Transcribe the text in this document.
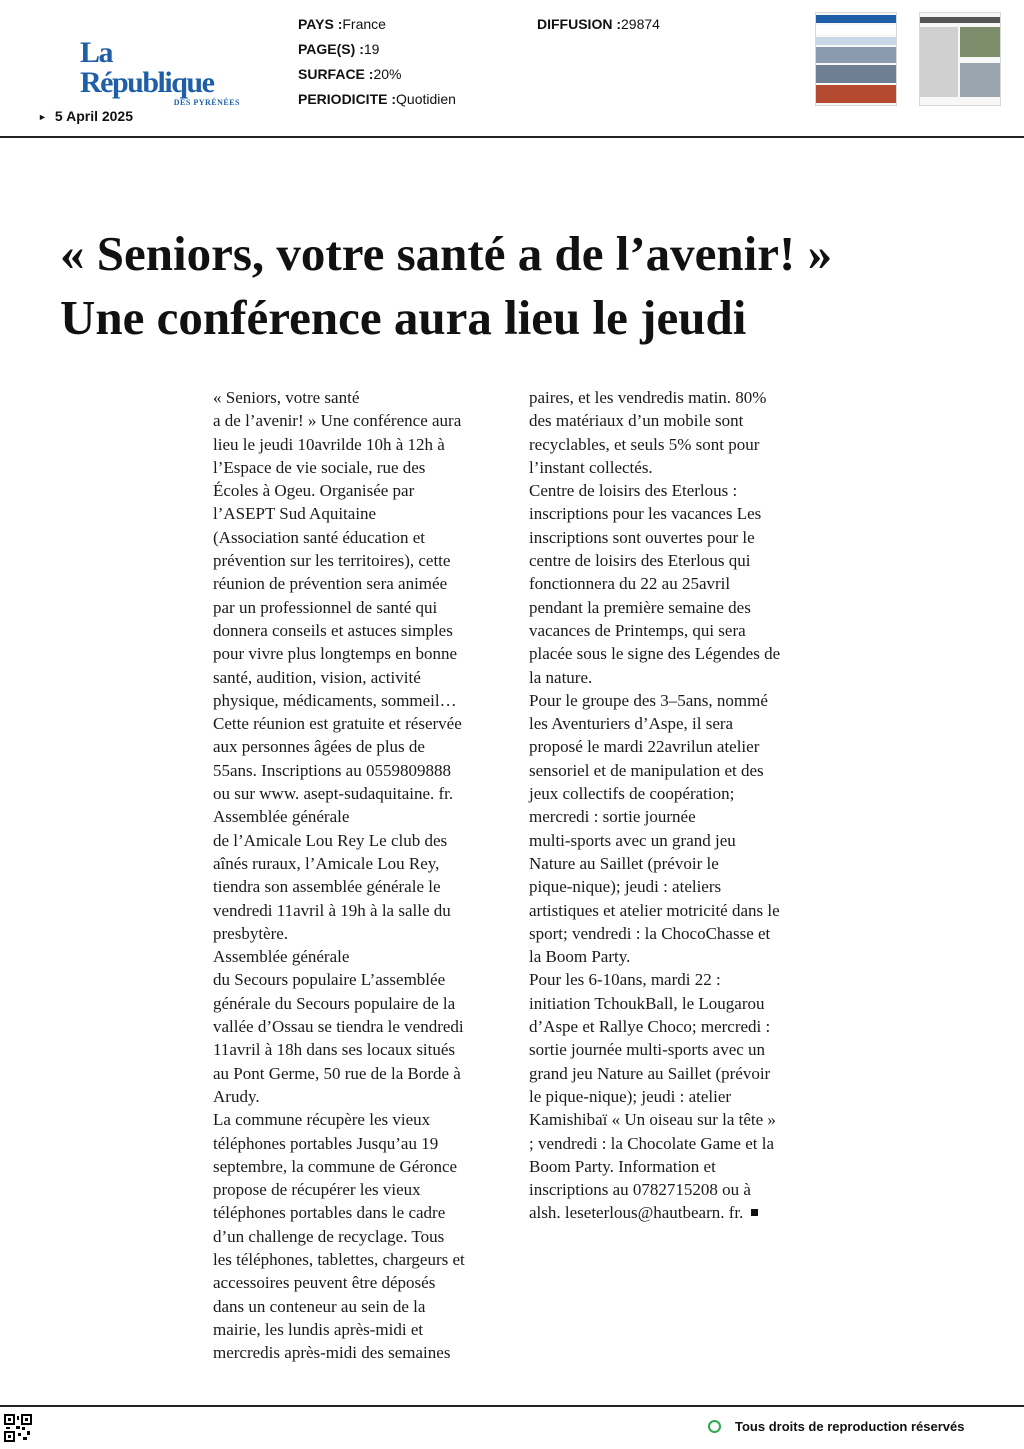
La République
DES PYRÉNÉES
PAYS :France
PAGE(S) :19
SURFACE :20%
PERIODICITE :Quotidien
DIFFUSION :29874
► 5 April 2025
« Seniors, votre santé a de l’avenir! »
Une conférence aura lieu le jeudi
« Seniors, votre santé
a de l’avenir! » Une conférence aura
lieu le jeudi 10avrilde 10h à 12h à
l’Espace de vie sociale, rue des
Écoles à Ogeu. Organisée par
l’ASEPT Sud Aquitaine
(Association santé éducation et
prévention sur les territoires), cette
réunion de prévention sera animée
par un professionnel de santé qui
donnera conseils et astuces simples
pour vivre plus longtemps en bonne
santé, audition, vision, activité
physique, médicaments, sommeil…
Cette réunion est gratuite et réservée
aux personnes âgées de plus de
55ans. Inscriptions au 0559809888
ou sur www. asept-sudaquitaine. fr.
Assemblée générale
de l’Amicale Lou Rey Le club des
aînés ruraux, l’Amicale Lou Rey,
tiendra son assemblée générale le
vendredi 11avril à 19h à la salle du
presbytère.
Assemblée générale
du Secours populaire L’assemblée
générale du Secours populaire de la
vallée d’Ossau se tiendra le vendredi
11avril à 18h dans ses locaux situés
au Pont Germe, 50 rue de la Borde à
Arudy.
La commune récupère les vieux
téléphones portables Jusqu’au 19
septembre, la commune de Géronce
propose de récupérer les vieux
téléphones portables dans le cadre
d’un challenge de recyclage. Tous
les téléphones, tablettes, chargeurs et
accessoires peuvent être déposés
dans un conteneur au sein de la
mairie, les lundis après-midi et
mercredis après-midi des semaines
paires, et les vendredis matin. 80%
des matériaux d’un mobile sont
recyclables, et seuls 5% sont pour
l’instant collectés.
Centre de loisirs des Eterlous :
inscriptions pour les vacances Les
inscriptions sont ouvertes pour le
centre de loisirs des Eterlous qui
fonctionnera du 22 au 25avril
pendant la première semaine des
vacances de Printemps, qui sera
placée sous le signe des Légendes de
la nature.
Pour le groupe des 3–5ans, nommé
les Aventuriers d’Aspe, il sera
proposé le mardi 22avrilun atelier
sensoriel et de manipulation et des
jeux collectifs de coopération;
mercredi : sortie journée
multi-sports avec un grand jeu
Nature au Saillet (prévoir le
pique-nique); jeudi : ateliers
artistiques et atelier motricité dans le
sport; vendredi : la ChocoChasse et
la Boom Party.
Pour les 6-10ans, mardi 22 :
initiation TchoukBall, le Lougarou
d’Aspe et Rallye Choco; mercredi :
sortie journée multi-sports avec un
grand jeu Nature au Saillet (prévoir
le pique-nique); jeudi : atelier
Kamishibaï « Un oiseau sur la tête »
; vendredi : la Chocolate Game et la
Boom Party. Information et
inscriptions au 0782715208 ou à
alsh. leseterlous@hautbearn. fr.
Tous droits de reproduction réservés
